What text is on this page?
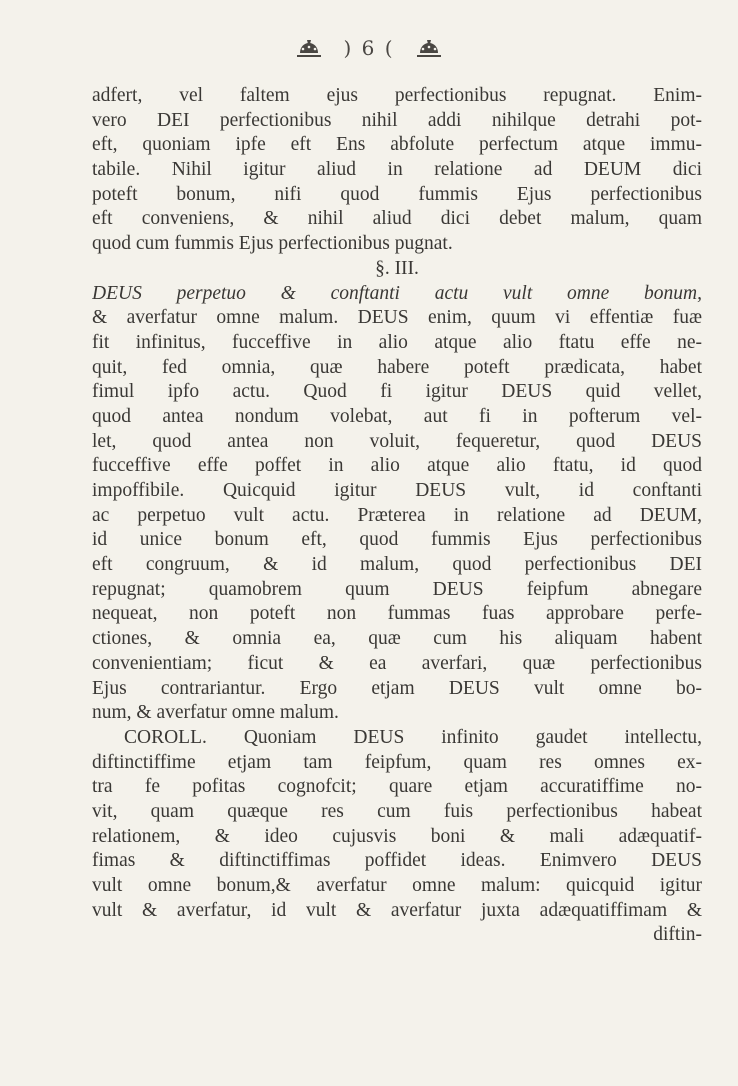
) 6 (
adfert, vel faltem ejus perfectionibus repugnat. Enim-
vero DEI perfectionibus nihil addi nihilque detrahi pot-
eft, quoniam ipfe eft Ens abfolute perfectum atque immu-
tabile. Nihil igitur aliud in relatione ad DEUM dici
poteft bonum, nifi quod fummis Ejus perfectionibus
eft conveniens, & nihil aliud dici debet malum, quam
quod cum fummis Ejus perfectionibus pugnat.
§. III.
DEUS perpetuo & conftanti actu vult omne bonum,
& averfatur omne malum. DEUS enim, quum vi effentiæ fuæ
fit infinitus, fucceffive in alio atque alio ftatu effe ne-
quit, fed omnia, quæ habere poteft prædicata, habet
fimul ipfo actu. Quod fi igitur DEUS quid vellet,
quod antea nondum volebat, aut fi in pofterum vel-
let, quod antea non voluit, fequeretur, quod DEUS
fucceffive effe poffet in alio atque alio ftatu, id quod
impoffibile. Quicquid igitur DEUS vult, id conftanti
ac perpetuo vult actu. Præterea in relatione ad DEUM,
id unice bonum eft, quod fummis Ejus perfectionibus
eft congruum, & id malum, quod perfectionibus DEI
repugnat; quamobrem quum DEUS feipfum abnegare
nequeat, non poteft non fummas fuas approbare perfe-
ctiones, & omnia ea, quæ cum his aliquam habent
convenientiam; ficut & ea averfari, quæ perfectionibus
Ejus contrariantur. Ergo etjam DEUS vult omne bo-
num, & averfatur omne malum.
COROLL. Quoniam DEUS infinito gaudet intellectu,
diftinctiffime etjam tam feipfum, quam res omnes ex-
tra fe pofitas cognofcit; quare etjam accuratiffime no-
vit, quam quæque res cum fuis perfectionibus habeat
relationem, & ideo cujusvis boni & mali adæquatif-
fimas & diftinctiffimas poffidet ideas. Enimvero DEUS
vult omne bonum,& averfatur omne malum: quicquid igitur
vult & averfatur, id vult & averfatur juxta adæquatiffimam &
diftin-
